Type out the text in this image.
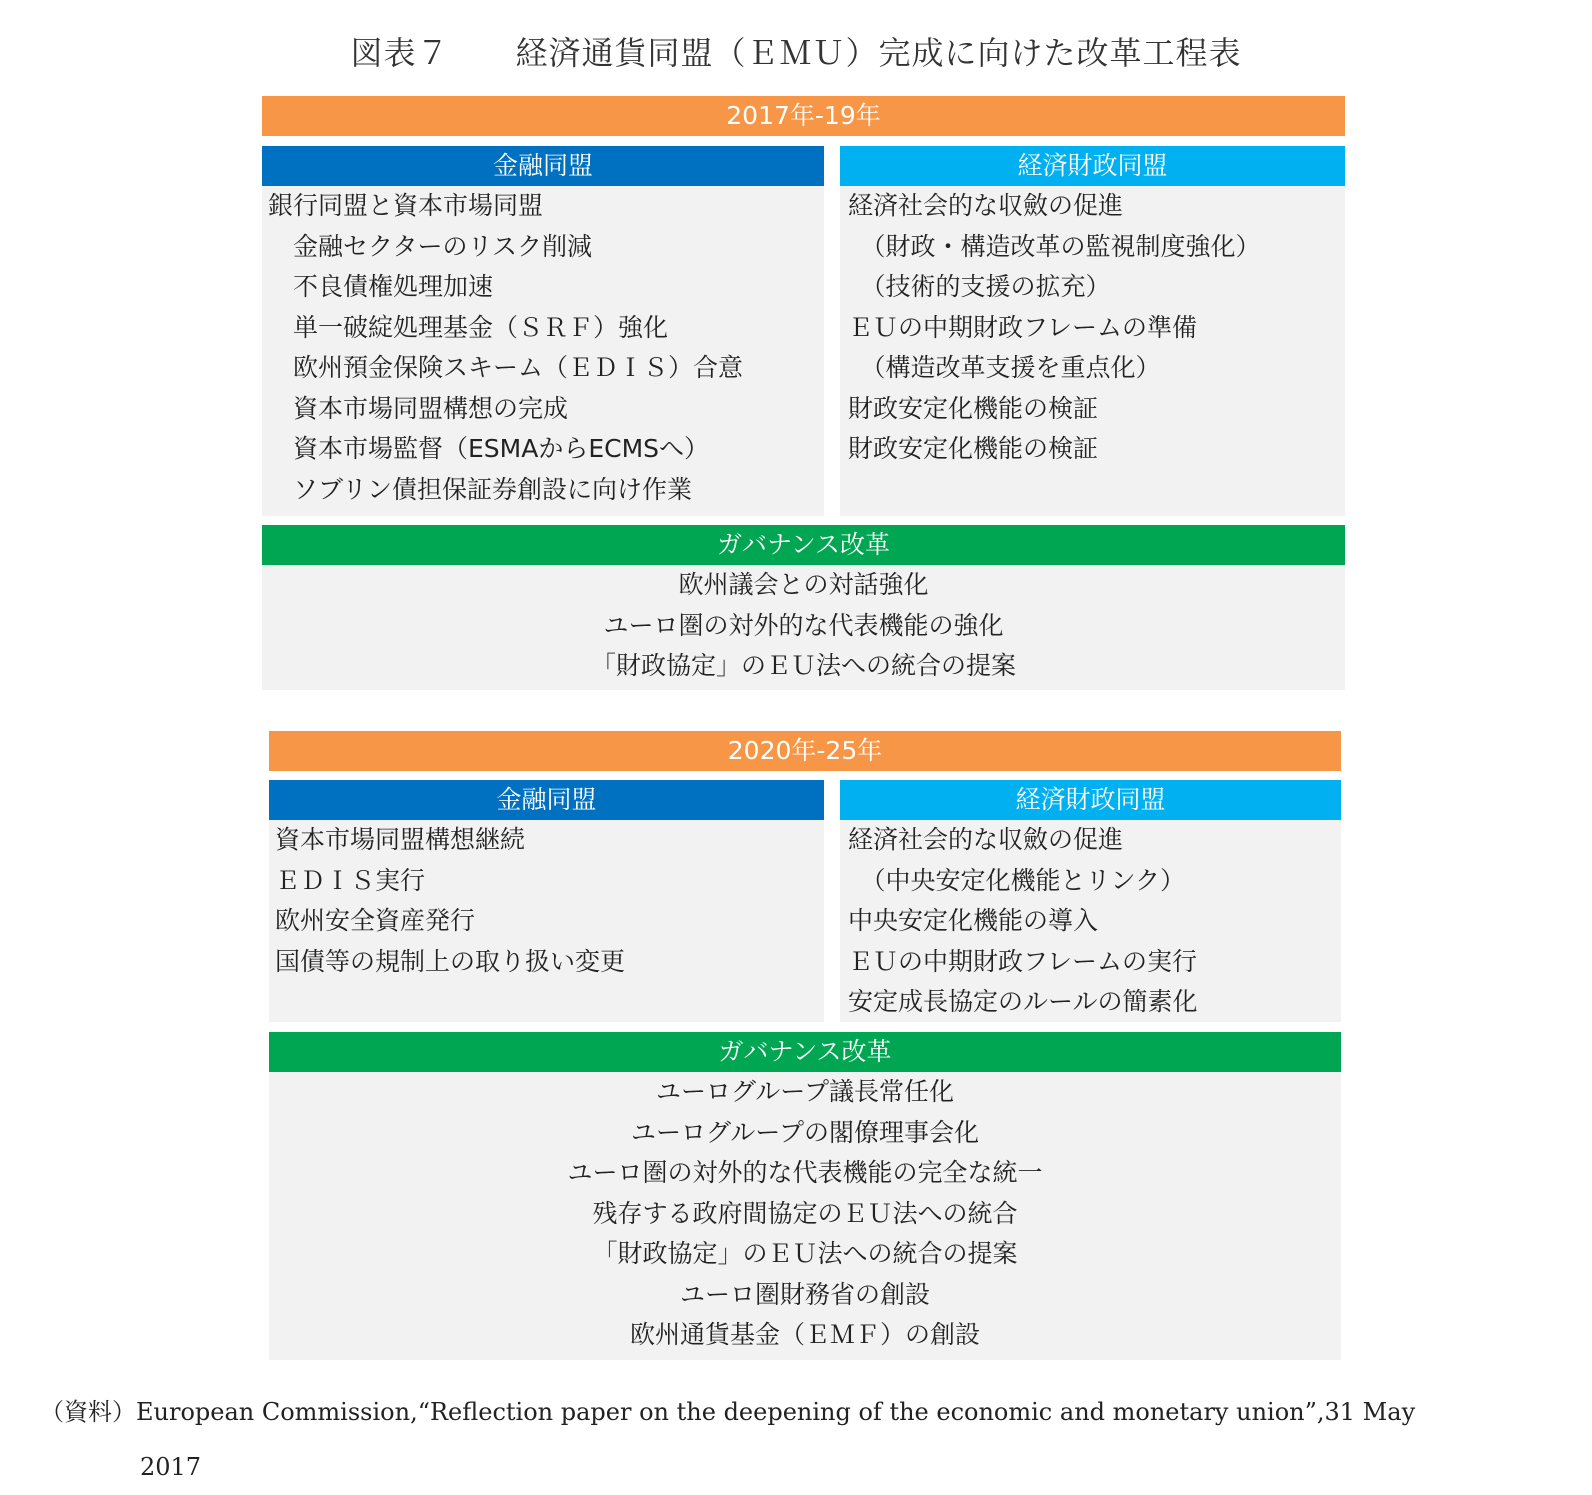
図表７　　経済通貨同盟（ＥＭＵ）完成に向けた改革工程表
2017年-19年
金融同盟
銀行同盟と資本市場同盟
　金融セクターのリスク削減
　不良債権処理加速
　単一破綻処理基金（ＳＲＦ）強化
　欧州預金保険スキーム（ＥＤＩＳ）合意
　資本市場同盟構想の完成
　資本市場監督（ESMAからECMSへ）
　ソブリン債担保証券創設に向け作業
経済財政同盟
経済社会的な収斂の促進
　（財政・構造改革の監視制度強化）
　（技術的支援の拡充）
ＥＵの中期財政フレームの準備
　（構造改革支援を重点化）
財政安定化機能の検証
財政安定化機能の検証
ガバナンス改革
欧州議会との対話強化
ユーロ圏の対外的な代表機能の強化
「財政協定」のＥＵ法への統合の提案
2020年-25年
金融同盟
資本市場同盟構想継続
ＥＤＩＳ実行
欧州安全資産発行
国債等の規制上の取り扱い変更
経済財政同盟
経済社会的な収斂の促進
　（中央安定化機能とリンク）
中央安定化機能の導入
ＥＵの中期財政フレームの実行
安定成長協定のルールの簡素化
ガバナンス改革
ユーログループ議長常任化
ユーログループの閣僚理事会化
ユーロ圏の対外的な代表機能の完全な統一
残存する政府間協定のＥＵ法への統合
「財政協定」のＥＵ法への統合の提案
ユーロ圏財務省の創設
欧州通貨基金（ＥＭＦ）の創設
（資料）European Commission,“Reflection paper on the deepening of the economic and monetary union”,31 May
2017
